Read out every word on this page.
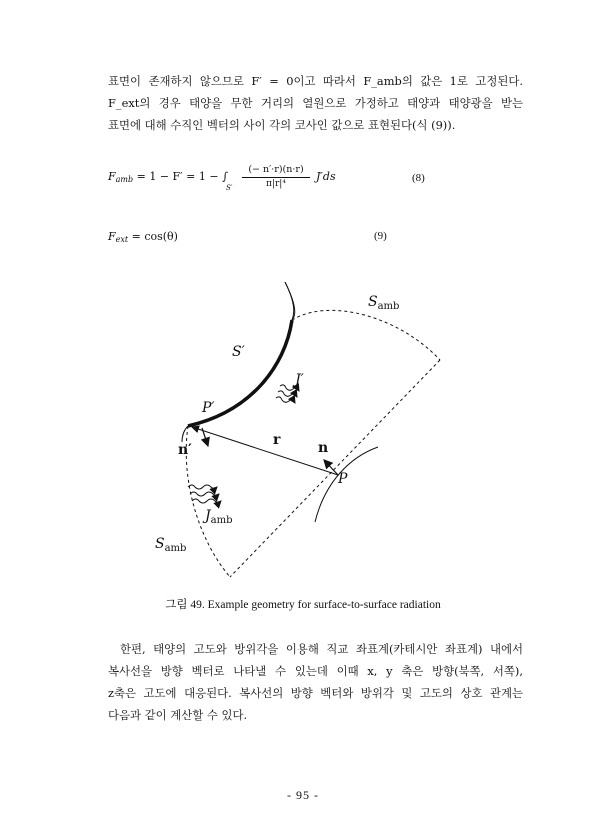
표면이 존재하지 않으므로 F′ = 0이고 따라서 F_amb의 값은 1로 고정된다.
F_ext의 경우 태양을 무한 거리의 열원으로 가정하고 태양과 태양광을 받는
표면에 대해 수직인 벡터의 사이 각의 코사인 값으로 표현된다(식 (9)).
$F_{amb} = 1 - F' = 1$ − ∫
S′
(− n′·r)(n·r)
π|r|⁴
J′ds	(8)
$F_{ext} = \cos(\theta)$	(9)
$S_{amb}$
S′
J′
P′
r	n
n′
P
$J_{amb}$
$S_{amb}$
그림 49. Example geometry for surface-to-surface radiation
한편, 태양의 고도와 방위각을 이용해 직교 좌표계(카테시안 좌표계) 내에서
복사선을 방향 벡터로 나타낼 수 있는데 이때 x, y 축은 방향(북쪽, 서쪽),
z축은 고도에 대응된다. 복사선의 방향 벡터와 방위각 및 고도의 상호 관계는
다음과 같이 계산할 수 있다.
- 95 -
